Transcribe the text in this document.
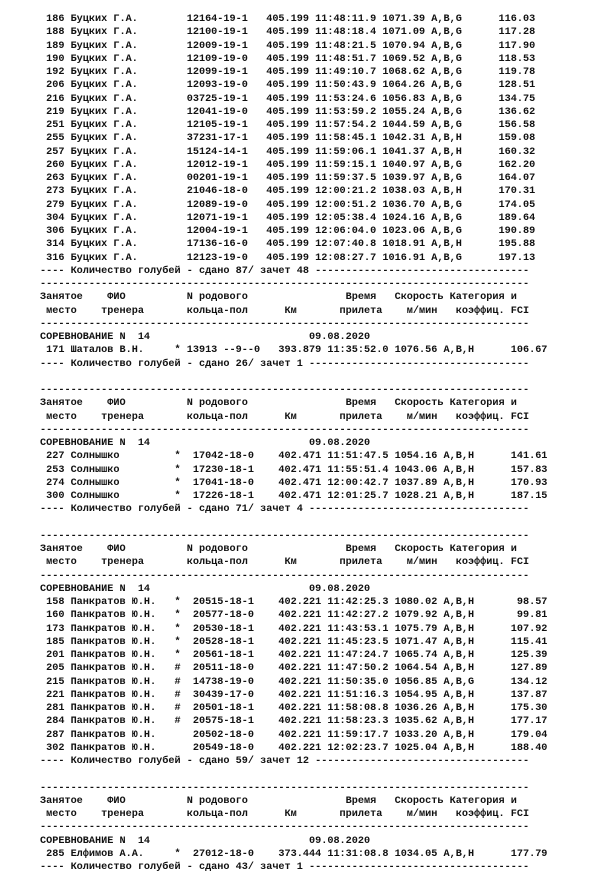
186 Буцких Г.А.        12164-19-1   405.199 11:48:11.9 1071.39 A,B,G      116.03
188 Буцких Г.А.        12100-19-1   405.199 11:48:18.4 1071.09 A,B,G      117.28
189 Буцких Г.А.        12009-19-1   405.199 11:48:21.5 1070.94 A,B,G      117.90
190 Буцких Г.А.        12109-19-0   405.199 11:48:51.7 1069.52 A,B,G      118.53
192 Буцких Г.А.        12099-19-1   405.199 11:49:10.7 1068.62 A,B,G      119.78
206 Буцких Г.А.        12093-19-0   405.199 11:50:43.9 1064.26 A,B,G      128.51
216 Буцких Г.А.        03725-19-1   405.199 11:53:24.6 1056.83 A,B,G      134.75
219 Буцких Г.А.        12041-19-0   405.199 11:53:59.2 1055.24 A,B,G      136.62
251 Буцких Г.А.        12105-19-1   405.199 11:57:54.2 1044.59 A,B,G      156.58
255 Буцких Г.А.        37231-17-1   405.199 11:58:45.1 1042.31 A,B,H      159.08
257 Буцких Г.А.        15124-14-1   405.199 11:59:06.1 1041.37 A,B,H      160.32
260 Буцких Г.А.        12012-19-1   405.199 11:59:15.1 1040.97 A,B,G      162.20
263 Буцких Г.А.        00201-19-1   405.199 11:59:37.5 1039.97 A,B,G      164.07
273 Буцких Г.А.        21046-18-0   405.199 12:00:21.2 1038.03 A,B,H      170.31
279 Буцких Г.А.        12089-19-0   405.199 12:00:51.2 1036.70 A,B,G      174.05
304 Буцких Г.А.        12071-19-1   405.199 12:05:38.4 1024.16 A,B,G      189.64
306 Буцких Г.А.        12004-19-1   405.199 12:06:04.0 1023.06 A,B,G      190.89
314 Буцких Г.А.        17136-16-0   405.199 12:07:40.8 1018.91 A,B,H      195.88
316 Буцких Г.А.        12123-19-0   405.199 12:08:27.7 1016.91 A,B,G      197.13
---- Количество голубей - сдано 87/ зачет 48 -----------------------------------
--------------------------------------------------------------------------------
Занятое    ФИО          N родового                Время   Скорость Категория и
место    тренера       кольца-пол      Км       прилета    м/мин   коэффиц. FCI
--------------------------------------------------------------------------------
СОРЕВНОВАНИЕ N  14                          09.08.2020
171 Шаталов В.Н.     * 13913 --9--0   393.879 11:35:52.0 1076.56 A,B,H      106.67
---- Количество голубей - сдано 26/ зачет 1 ------------------------------------

--------------------------------------------------------------------------------
Занятое    ФИО          N родового                Время   Скорость Категория и
место    тренера       кольца-пол      Км       прилета    м/мин   коэффиц. FCI
--------------------------------------------------------------------------------
СОРЕВНОВАНИЕ N  14                          09.08.2020
227 Солнышко         *  17042-18-0    402.471 11:51:47.5 1054.16 A,B,H      141.61
253 Солнышко         *  17230-18-1    402.471 11:55:51.4 1043.06 A,B,H      157.83
274 Солнышко         *  17041-18-0    402.471 12:00:42.7 1037.89 A,B,H      170.93
300 Солнышко         *  17226-18-1    402.471 12:01:25.7 1028.21 A,B,H      187.15
---- Количество голубей - сдано 71/ зачет 4 ------------------------------------

--------------------------------------------------------------------------------
Занятое    ФИО          N родового                Время   Скорость Категория и
место    тренера       кольца-пол      Км       прилета    м/мин   коэффиц. FCI
--------------------------------------------------------------------------------
СОРЕВНОВАНИЕ N  14                          09.08.2020
158 Панкратов Ю.Н.   *  20515-18-1    402.221 11:42:25.3 1080.02 A,B,H       98.57
160 Панкратов Ю.Н.   *  20577-18-0    402.221 11:42:27.2 1079.92 A,B,H       99.81
173 Панкратов Ю.Н.   *  20530-18-1    402.221 11:43:53.1 1075.79 A,B,H      107.92
185 Панкратов Ю.Н.   *  20528-18-1    402.221 11:45:23.5 1071.47 A,B,H      115.41
201 Панкратов Ю.Н.   *  20561-18-1    402.221 11:47:24.7 1065.74 A,B,H      125.39
205 Панкратов Ю.Н.   #  20511-18-0    402.221 11:47:50.2 1064.54 A,B,H      127.89
215 Панкратов Ю.Н.   #  14738-19-0    402.221 11:50:35.0 1056.85 A,B,G      134.12
221 Панкратов Ю.Н.   #  30439-17-0    402.221 11:51:16.3 1054.95 A,B,H      137.87
281 Панкратов Ю.Н.   #  20501-18-1    402.221 11:58:08.8 1036.26 A,B,H      175.30
284 Панкратов Ю.Н.   #  20575-18-1    402.221 11:58:23.3 1035.62 A,B,H      177.17
287 Панкратов Ю.Н.      20502-18-0    402.221 11:59:17.7 1033.20 A,B,H      179.04
302 Панкратов Ю.Н.      20549-18-0    402.221 12:02:23.7 1025.04 A,B,H      188.40
---- Количество голубей - сдано 59/ зачет 12 -----------------------------------

--------------------------------------------------------------------------------
Занятое    ФИО          N родового                Время   Скорость Категория и
место    тренера       кольца-пол      Км       прилета    м/мин   коэффиц. FCI
--------------------------------------------------------------------------------
СОРЕВНОВАНИЕ N  14                          09.08.2020
285 Елфимов А.А.     *  27012-18-0    373.444 11:31:08.8 1034.05 A,B,H      177.79
---- Количество голубей - сдано 43/ зачет 1 ------------------------------------
